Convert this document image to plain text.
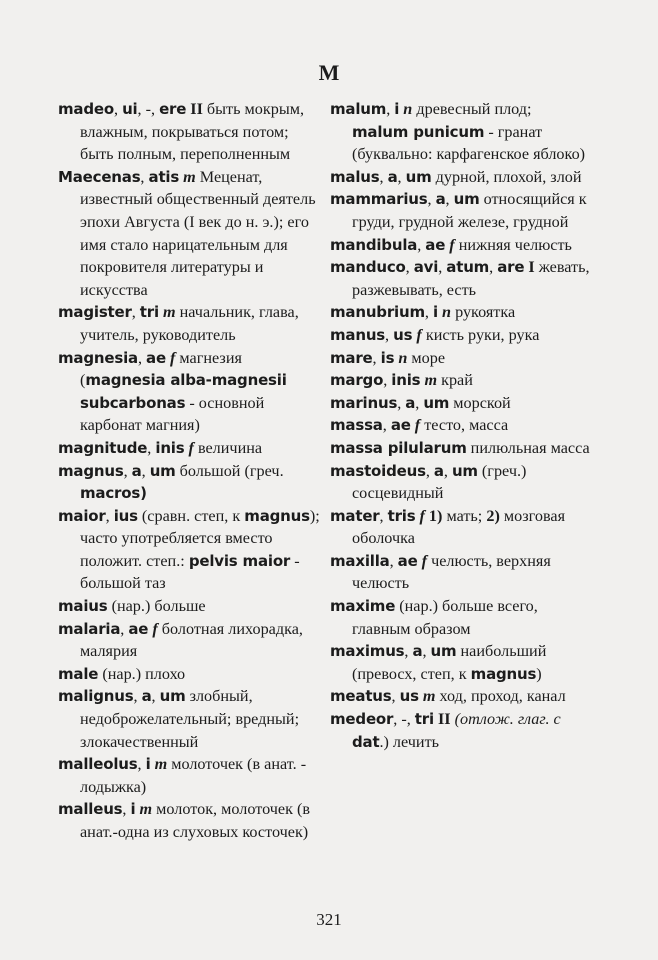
M

madeo, ui, -, ere II быть мокрым, влажным, покрываться потом; быть полным, переполненным

Maecenas, atis m Меценат, известный общественный деятель эпохи Августа (I век до н. э.); его имя стало нарицательным для покровителя литературы и искусства

magister, tri m начальник, глава, учитель, руководитель

magnesia, ae f магнезия (magnesia alba-magnesii subcarbonas - основной карбонат магния)

magnitude, inis f величина

magnus, a, um большой (греч. macros)

maior, ius (сравн. степ, к magnus); часто употребляется вместо положит. степ.: pelvis maior - большой таз

maius (нар.) больше

malaria, ae f болотная лихорадка, малярия

male (нар.) плохо

malignus, a, um злобный, недоброжелательный; вредный; злокачественный

malleolus, i m молоточек (в анат. - лодыжка)

malleus, i m молоток, молоточек (в анат.-одна из слуховых косточек)

malum, i n древесный плод;

malum punicum - гранат (буквально: карфагенское яблоко)

malus, a, um дурной, плохой, злой

mammarius, a, um относящийся к груди, грудной железе, грудной

mandibula, ae f нижняя челюсть

manduco, avi, atum, are I жевать, разжевывать, есть

manubrium, i n рукоятка

manus, us f кисть руки, рука

mare, is n море

margo, inis m край

marinus, a, um морской

massa, ae f тесто, масса

massa pilularum пилюльная масса

mastoideus, a, um (греч.) сосцевидный

mater, tris f 1) мать; 2) мозговая оболочка

maxilla, ae f челюсть, верхняя челюсть

maxime (нар.) больше всего, главным образом

maximus, a, um наибольший (превосх, степ, к magnus)

meatus, us m ход, проход, канал

medeor, -, tri II (отлож. глаг. с dat.) лечить

321
